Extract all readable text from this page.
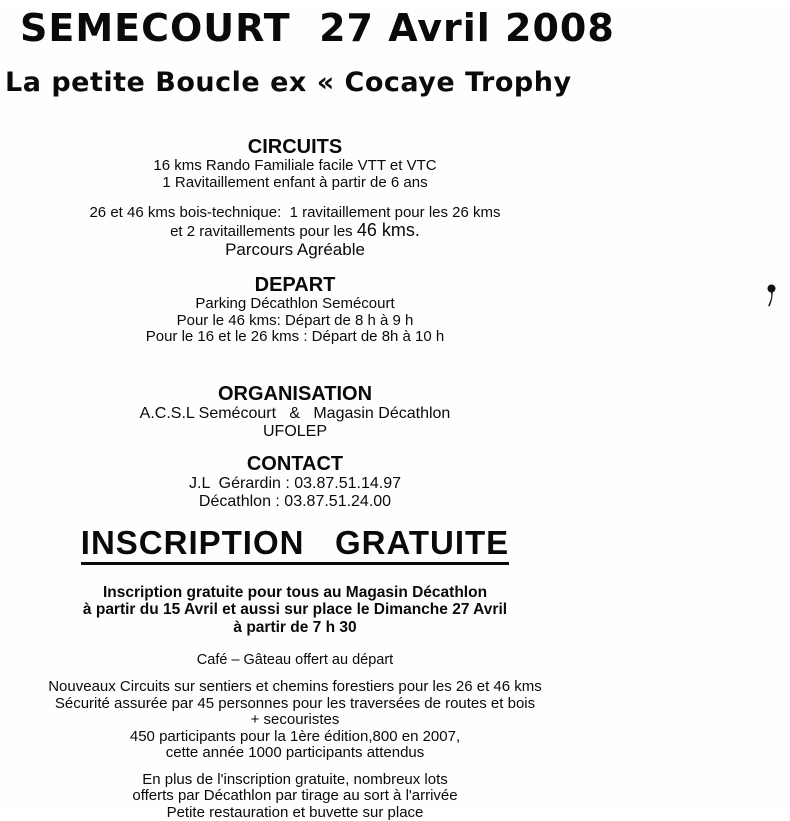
SEMECOURT  27 Avril 2008
La petite Boucle ex « Cocaye Trophy
CIRCUITS
16 kms Rando Familiale facile VTT et VTC
1 Ravitaillement enfant à partir de 6 ans
26 et 46 kms bois-technique:  1 ravitaillement pour les 26 kms
et 2 ravitaillements pour les 46 kms.
Parcours Agréable
DEPART
Parking Décathlon Semécourt
Pour le 46 kms: Départ de 8 h à 9 h
Pour le 16 et le 26 kms : Départ de 8h à 10 h
ORGANISATION
A.C.S.L Semécourt   &   Magasin Décathlon
UFOLEP
CONTACT
J.L  Gérardin : 03.87.51.14.97
Décathlon : 03.87.51.24.00
INSCRIPTION   GRATUITE
Inscription gratuite pour tous au Magasin Décathlon
à partir du 15 Avril et aussi sur place le Dimanche 27 Avril
à partir de 7 h 30
Café – Gâteau offert au départ
Nouveaux Circuits sur sentiers et chemins forestiers pour les 26 et 46 kms
Sécurité assurée par 45 personnes pour les traversées de routes et bois
+ secouristes
450 participants pour la 1ère édition,800 en 2007,
cette année 1000 participants attendus
En plus de l'inscription gratuite, nombreux lots
offerts par Décathlon par tirage au sort à l'arrivée
Petite restauration et buvette sur place
